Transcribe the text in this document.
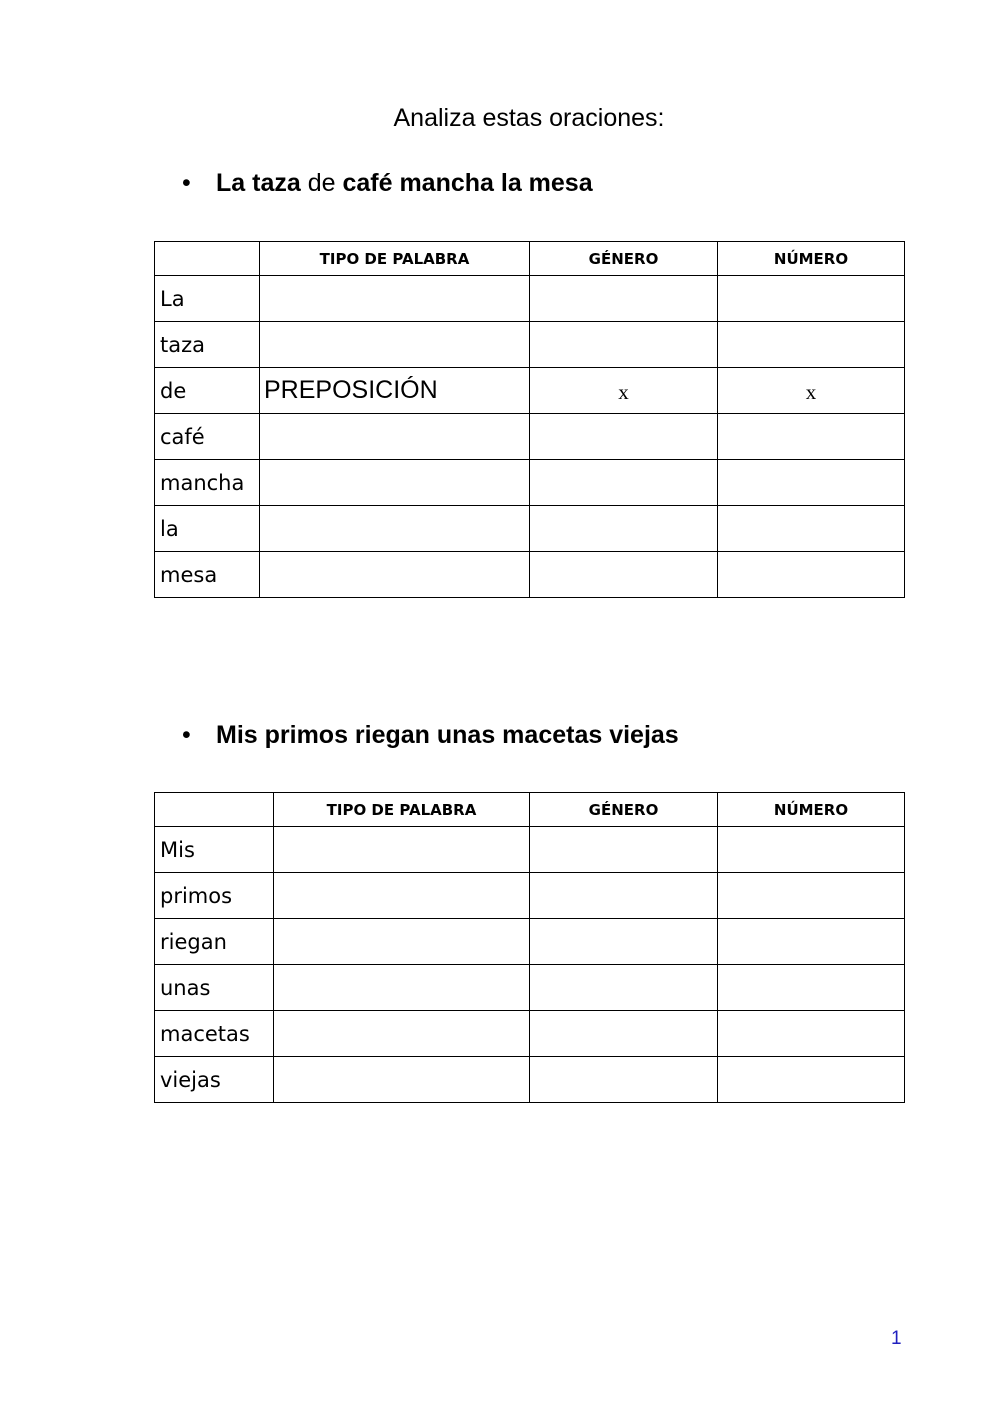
Analiza estas oraciones:
• La taza de café mancha la mesa
	TIPO DE PALABRA	GÉNERO	NÚMERO
La			
taza			
de	PREPOSICIÓN	x	x
café			
mancha			
la			
mesa			
• Mis primos riegan unas macetas viejas
	TIPO DE PALABRA	GÉNERO	NÚMERO
Mis			
primos			
riegan			
unas			
macetas			
viejas			
1
